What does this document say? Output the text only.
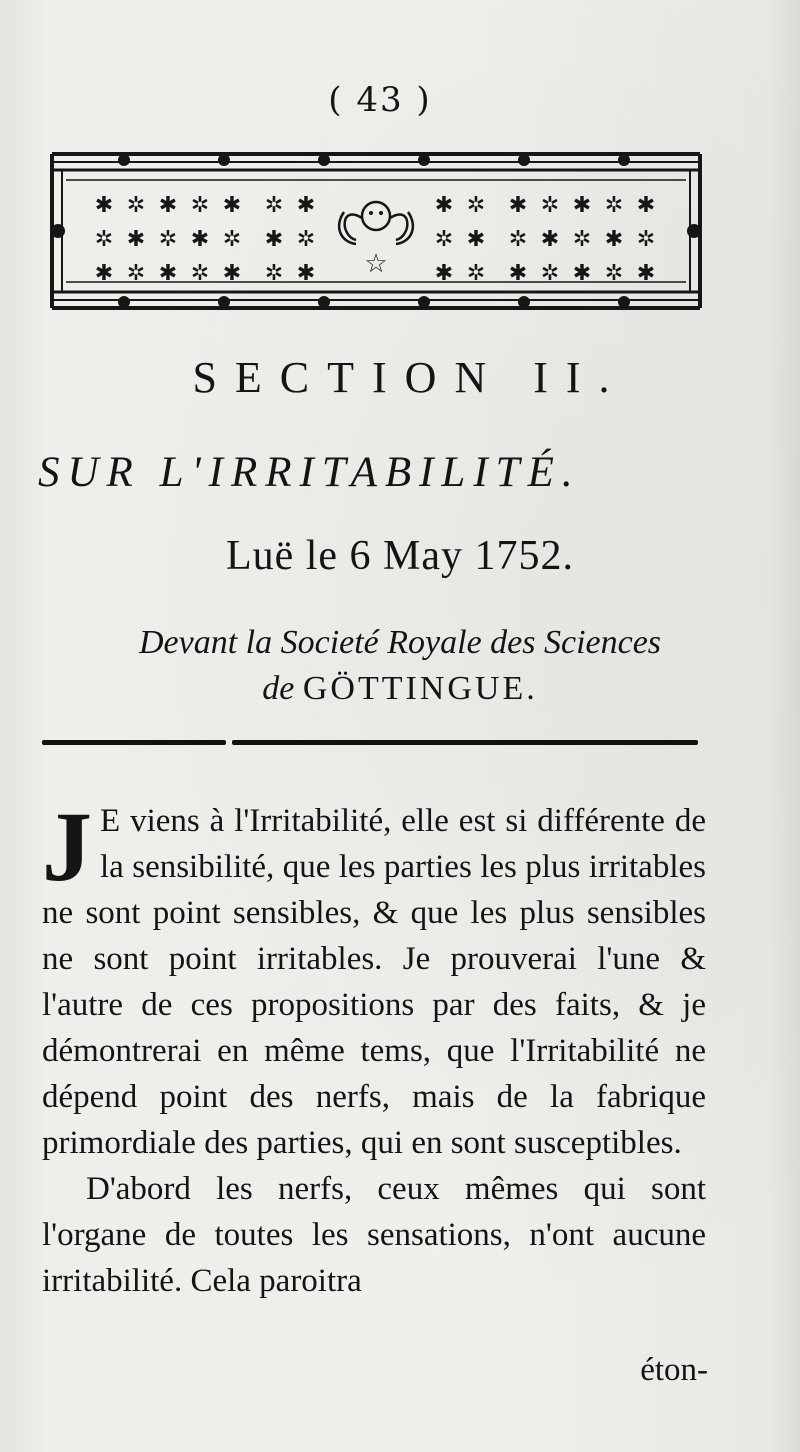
( 43 )
✱ ✲ ✱ ✲ ✱ ✲ ✱
✲ ✱ ✲ ✱ ✲ ✱ ✲
✱ ✲ ✱ ✲ ✱ ✲ ✱
✱ ✲ ✱ ✲ ✱ ✲ ✱
✲ ✱ ✲ ✱ ✲ ✱ ✲
✱ ✲ ✱ ✲ ✱ ✲ ✱
☆
SECTION II.
SUR L'IRRITABILITÉ.
Luë le 6 May 1752.
Devant la Societé Royale des Sciences
de GÖTTINGUE.

J E viens à l'Irritabilité, elle est si différente de la sensibilité, que les parties les plus irritables ne sont point sensibles, & que les plus sensibles ne sont point irritables. Je prouverai l'une & l'autre de ces propositions par des faits, & je démontrerai en même tems, que l'Irritabilité ne dépend point des nerfs, mais de la fabrique primordiale des parties, qui en sont susceptibles.

D'abord les nerfs, ceux mêmes qui sont l'organe de toutes les sensations, n'ont aucune irritabilité. Cela paroitra

éton-
